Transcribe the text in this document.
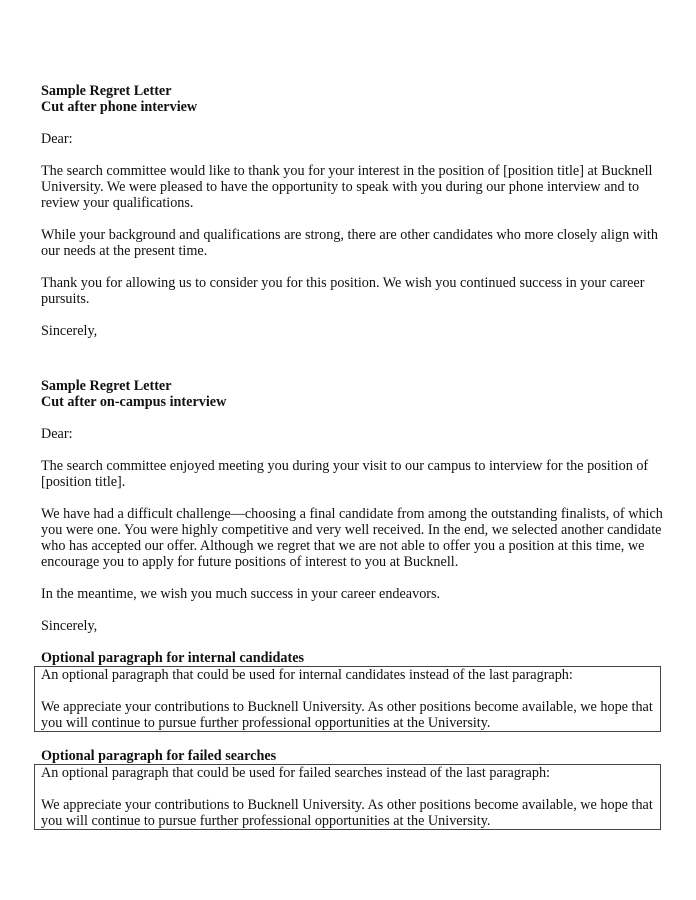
Sample Regret Letter

Cut after phone interview

Dear:

The search committee would like to thank you for your interest in the position of [position title] at Bucknell University. We were pleased to have the opportunity to speak with you during our phone interview and to review your qualifications.

While your background and qualifications are strong, there are other candidates who more closely align with our needs at the present time.

Thank you for allowing us to consider you for this position. We wish you continued success in your career pursuits.

Sincerely,

Sample Regret Letter

Cut after on-campus interview

Dear:

The search committee enjoyed meeting you during your visit to our campus to interview for the position of [position title].

We have had a difficult challenge—choosing a final candidate from among the outstanding finalists, of which you were one. You were highly competitive and very well received. In the end, we selected another candidate who has accepted our offer. Although we regret that we are not able to offer you a position at this time, we encourage you to apply for future positions of interest to you at Bucknell.

In the meantime, we wish you much success in your career endeavors.

Sincerely,

Optional paragraph for internal candidates

An optional paragraph that could be used for internal candidates instead of the last paragraph:

We appreciate your contributions to Bucknell University. As other positions become available, we hope that you will continue to pursue further professional opportunities at the University.

Optional paragraph for failed searches

An optional paragraph that could be used for failed searches instead of the last paragraph:

We appreciate your contributions to Bucknell University. As other positions become available, we hope that you will continue to pursue further professional opportunities at the University.
